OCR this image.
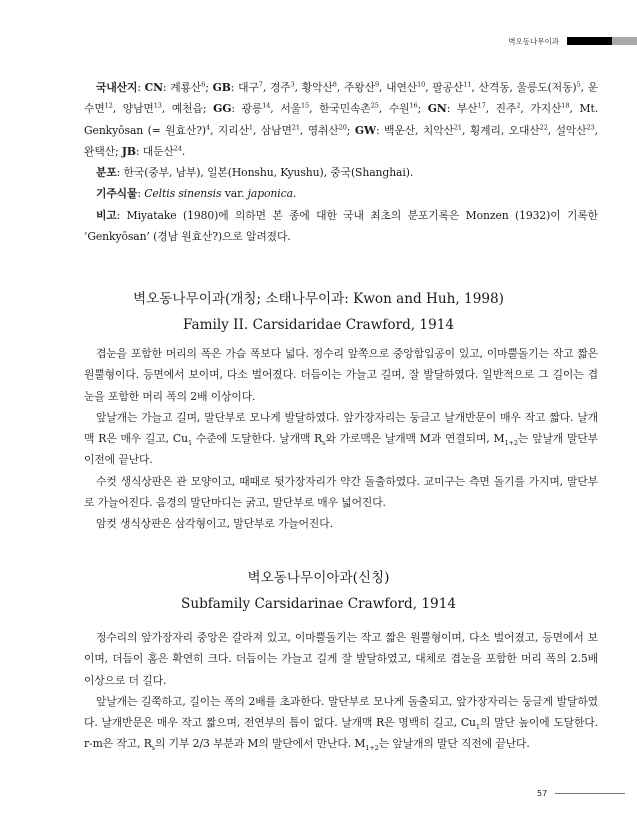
벽오동나무이과

국내산지: CN: 계룡산$^6$; GB: 대구$^7$, 경주$^3$, 황악산$^8$, 주왕산$^9$, 내연산$^{10}$, 팔공산$^{11}$, 산격동, 울릉도(저동)$^5$, 운수면$^{12}$, 양남면$^{13}$, 예천읍; GG: 광릉$^{14}$, 서울$^{15}$, 한국민속촌$^{25}$, 수원$^{16}$; GN: 부산$^{17}$, 진주$^2$, 가지산$^{18}$, Mt. Genkyōsan (= 원효산?)$^4$, 지리산$^1$, 삼남면$^{21}$, 영취산$^{20}$; GW: 백운산, 치악산$^{21}$, 횡계리, 오대산$^{22}$, 설악산$^{23}$, 완택산; JB: 대둔산$^{24}$.

분포: 한국(중부, 남부), 일본(Honshu, Kyushu), 중국(Shanghai).

기주식물: Celtis sinensis var. japonica.

비고: Miyatake (1980)에 의하면 본 종에 대한 국내 최초의 분포기록은 Monzen (1932)이 기록한 ‘Genkyōsan’ (경남 원효산?)으로 알려졌다.

벽오동나무이과(개칭; 소태나무이과: Kwon and Huh, 1998)
Family II. Carsidaridae Crawford, 1914

겹눈을 포함한 머리의 폭은 가슴 폭보다 넓다. 정수리 앞쪽으로 중앙함입공이 있고, 이마뿔돌기는 작고 짧은 원뿔형이다. 등면에서 보이며, 다소 벌어졌다. 더듬이는 가늘고 길며, 잘 발달하였다. 일반적으로 그 길이는 겹눈을 포함한 머리 폭의 2배 이상이다.

앞날개는 가늘고 길며, 말단부로 모나게 발달하였다. 앞가장자리는 둥글고 날개반문이 매우 작고 짧다. 날개맥 R은 매우 길고, $Cu_1$ 수준에 도달한다. 날개맥 $R_s$와 가로맥은 날개맥 M과 연결되며, $M_{1+2}$는 앞날개 말단부 이전에 끝난다.

수컷 생식상판은 관 모양이고, 때때로 뒷가장자리가 약간 돌출하였다. 교미구는 측면 돌기를 가지며, 말단부로 가늘어진다. 음경의 말단마디는 굵고, 말단부로 매우 넓어진다.

암컷 생식상판은 삼각형이고, 말단부로 가늘어진다.

벽오동나무이아과(신칭)
Subfamily Carsidarinae Crawford, 1914

정수리의 앞가장자리 중앙은 갈라져 있고, 이마뿔돌기는 작고 짧은 원뿔형이며, 다소 벌어졌고, 등면에서 보이며, 더듬이 홈은 확연히 크다. 더듬이는 가늘고 길게 잘 발달하였고, 대체로 겹눈을 포함한 머리 폭의 2.5배 이상으로 더 길다.

앞날개는 길쭉하고, 길이는 폭의 2배를 초과한다. 말단부로 모나게 돌출되고, 앞가장자리는 둥글게 발달하였다. 날개반문은 매우 작고 짧으며, 전연부의 틈이 없다. 날개맥 R은 명백히 길고, $Cu_1$의 말단 높이에 도달한다. r-m은 작고, $R_s$의 기부 2/3 부분과 M의 말단에서 만난다. $M_{1+2}$는 앞날개의 말단 직전에 끝난다.

57
